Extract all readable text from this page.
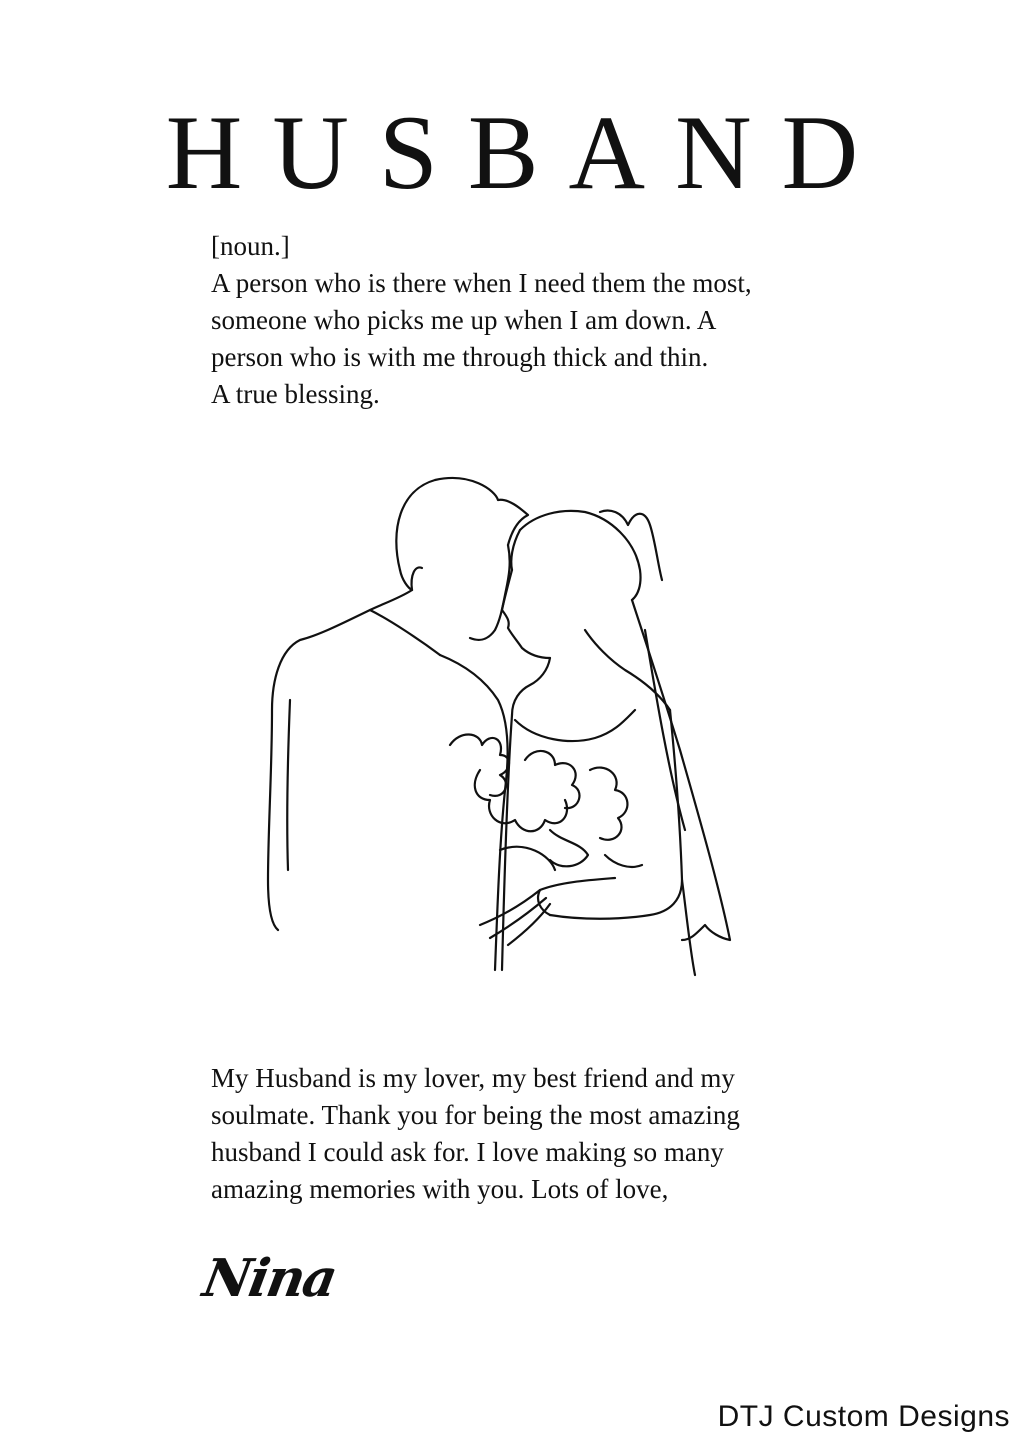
HUSBAND
[noun.]
A person who is there when I need them the most,
someone who picks me up when I am down. A
person who is with me through thick and thin.
A true blessing.
My Husband is my lover, my best friend and my
soulmate. Thank you for being the most amazing
husband I could ask for. I love making so many
amazing memories with you. Lots of love,
Nina
DTJ Custom Designs
